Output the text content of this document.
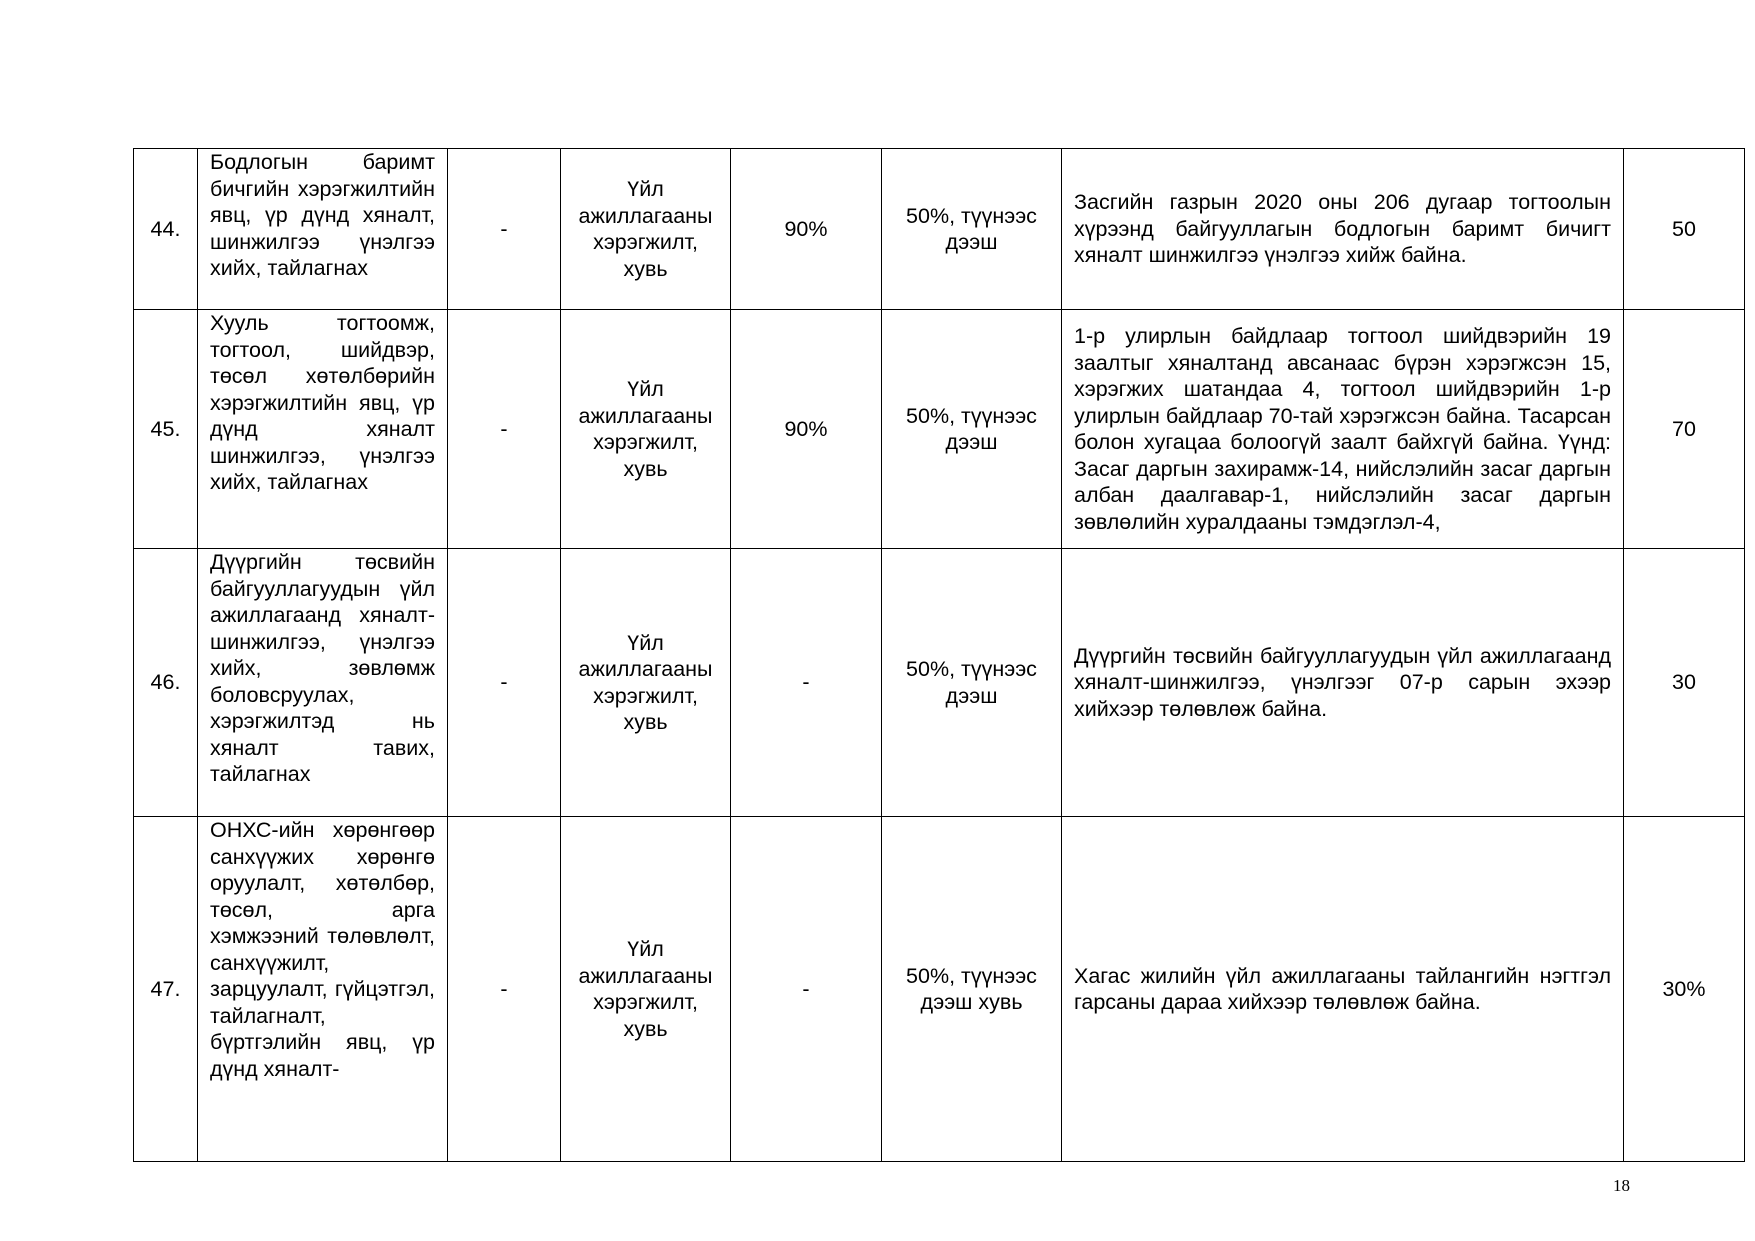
44.	Бодлогын баримт бичгийн хэрэгжилтийн явц, үр дүнд хяналт, шинжилгээ үнэлгээ хийх, тайлагнах	-	Үйл ажиллагааны хэрэгжилт, хувь	90%	50%, түүнээс дээш	Засгийн газрын 2020 оны 206 дугаар тогтоолын хүрээнд байгууллагын бодлогын баримт бичигт хяналт шинжилгээ үнэлгээ хийж байна.	50
45.	Хууль тогтоомж, тогтоол, шийдвэр, төсөл хөтөлбөрийн хэрэгжилтийн явц, үр дүнд хяналт шинжилгээ, үнэлгээ хийх, тайлагнах	-	Үйл ажиллагааны хэрэгжилт, хувь	90%	50%, түүнээс дээш	1-р улирлын байдлаар тогтоол шийдвэрийн 19 заалтыг хяналтанд авсанаас бүрэн хэрэгжсэн 15, хэрэгжих шатандаа 4, тогтоол шийдвэрийн 1-р улирлын байдлаар 70-тай хэрэгжсэн байна. Тасарсан болон хугацаа болоогүй заалт байхгүй байна. Үүнд: Засаг даргын захирамж-14, нийслэлийн засаг даргын албан даалгавар-1, нийслэлийн засаг даргын зөвлөлийн хуралдааны тэмдэглэл-4,	70
46.	Дүүргийн төсвийн байгууллагуудын үйл ажиллагаанд хяналт-шинжилгээ, үнэлгээ хийх, зөвлөмж боловсруулах, хэрэгжилтэд нь хяналт тавих, тайлагнах	-	Үйл ажиллагааны хэрэгжилт, хувь	-	50%, түүнээс дээш	Дүүргийн төсвийн байгууллагуудын үйл ажиллагаанд хяналт-шинжилгээ, үнэлгээг 07-р сарын эхээр хийхээр төлөвлөж байна.	30
47.	ОНХС-ийн хөрөнгөөр санхүүжих хөрөнгө оруулалт, хөтөлбөр, төсөл, арга хэмжээний төлөвлөлт, санхүүжилт, зарцуулалт, гүйцэтгэл, тайлагналт, бүртгэлийн явц, үр дүнд хяналт-	-	Үйл ажиллагааны хэрэгжилт, хувь	-	50%, түүнээс дээш хувь	Хагас жилийн үйл ажиллагааны тайлангийн нэгтгэл гарсаны дараа хийхээр төлөвлөж байна.	30%
18
